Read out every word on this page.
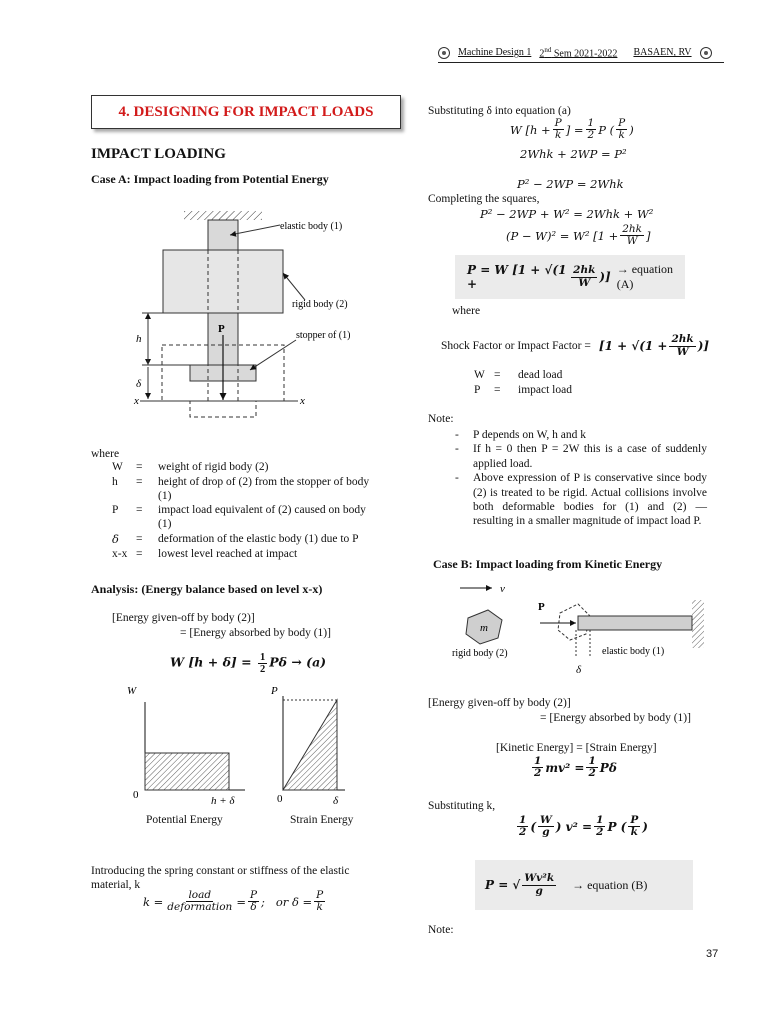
Machine Design 1 2nd Sem 2021-2022 BASAEN, RV
4. DESIGNING FOR IMPACT LOADS
IMPACT LOADING
Case A: Impact loading from Potential Energy
P
x	x
h
δ
elastic body (1)
rigid body (2)
stopper of (1)
where
W	=	weight of rigid body (2)
h	=	height of drop of (2) from the stopper of body (1)
P	=	impact load equivalent of (2) caused on body (1)
δ	=	deformation of the elastic body (1) due to P
x-x	=	lowest level reached at impact
Analysis: (Energy balance based on level x-x)
[Energy given-off by body (2)]
= [Energy absorbed by body (1)]
W $[h + \delta] = \frac{1}{2}$ Pδ → (a)
W
0	h + δ
P
0	δ
Potential Energy	Strain Energy
Introducing the spring constant or stiffness of the elastic material, k
$k = \frac{\text{load}}{\text{deformation}} = \frac{P}{\delta}$ ;   or $\delta = \frac{P}{k}$
Substituting δ into equation (a)
W [$h + \frac{P}{k}$ ] = $\frac{1}{2}$ P ( $\frac{P}{k}$ )
2Whk + 2WP = P²
P² − 2WP = 2Whk
Completing the squares,
P² − 2WP + W² = 2Whk + W²
(P − W)² = W² [$1 + \frac{2hk}{W}$ ]
P = W [1 + √(1 +	$\frac{2hk}{W}$ )]
→ equation (A)
where
Shock Factor or Impact Factor = [$1 + √(1 + \frac{2hk}{W}$ )]
W	=	dead load
P	=	impact load
Note:
- P depends on W, h and k
- If h = 0 then P = 2W this is a case of suddenly applied load.
- Above expression of P is conservative since body (2) is treated to be rigid. Actual collisions involve both deformable bodies for (1) and (2) — resulting in a smaller magnitude of impact load P.
Case B: Impact loading from Kinetic Energy
v
m
P
δ
rigid body (2)	elastic body (1)
[Energy given-off by body (2)]
= [Energy absorbed by body (1)]
[Kinetic Energy] = [Strain Energy]
$\frac{1}{2} mv^2 = \frac{1}{2}$ Pδ
Substituting k,
$\frac{1}{2}$ ( $\frac{W}{g}$ ) $v^2 = \frac{1}{2}$ P ( $\frac{P}{k}$ )
P = √ $\frac{\text{Wv²k}}{g}$ → equation (B)
Note:
37
